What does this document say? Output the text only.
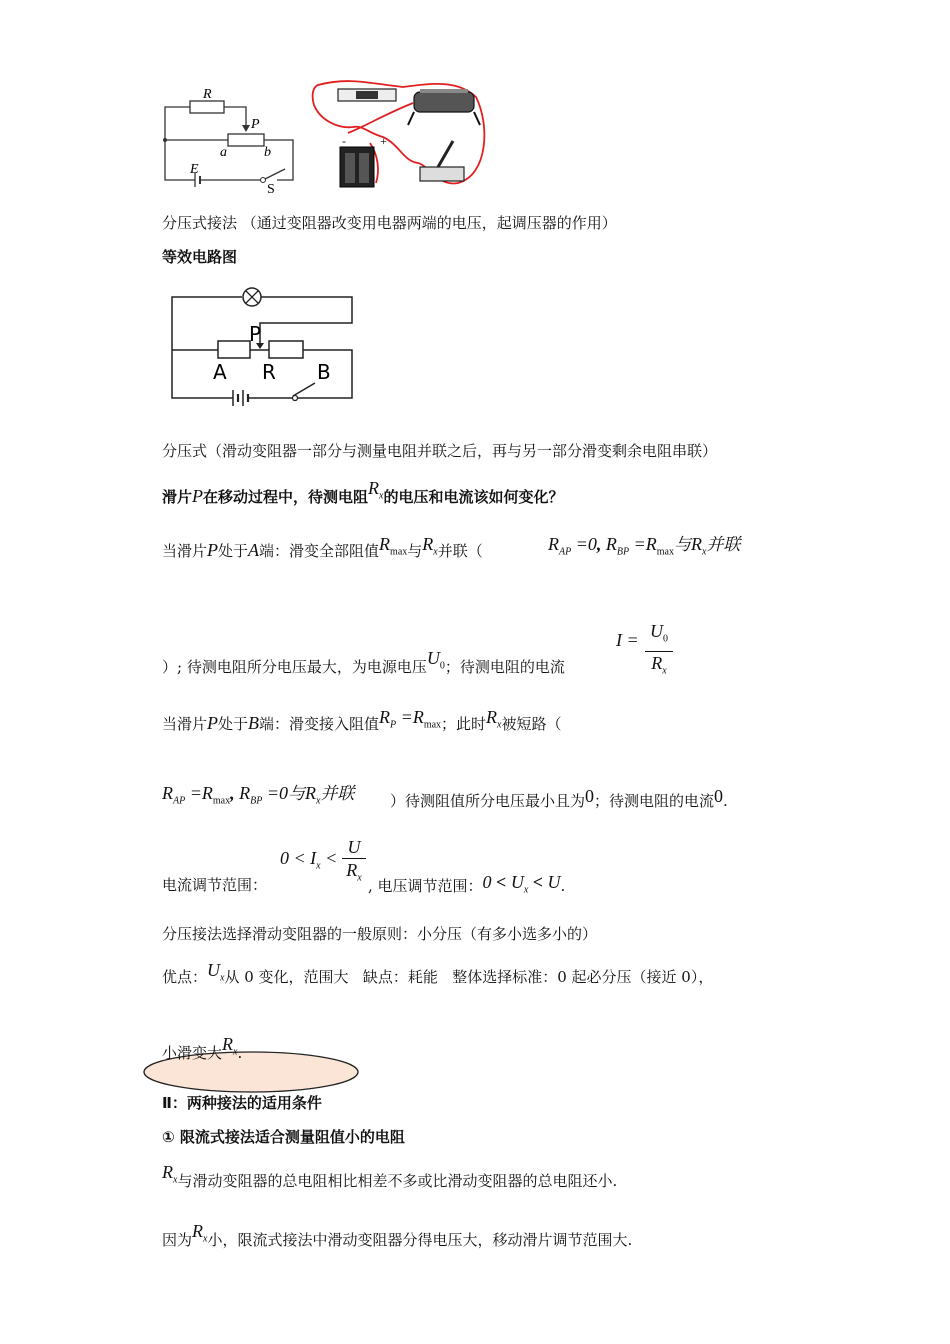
R
P
a	b
E
S
-	+
分压式接法 （通过变阻器改变用电器两端的电压，起调压器的作用）
等效电路图
P
A R B
分压式（滑动变阻器一部分与测量电阻并联之后，再与另一部分滑变剩余电阻串联）
滑片P在移动过程中，待测电阻$R_x$的电压和电流该如何变化？
当滑片P处于A端：滑变全部阻值$R_{max}$与$R_x$并联（	$R_{AP} =0$, $R_{BP} =R_{max}$与$R_x$并联
）; 待测电阻所分电压最大，为电源电压$U_0$；待测电阻的电流
$I = U_0$
$R_x$
当滑片P处于B端：滑变接入阻值$R_P =R_{max}$；此时$R_x$被短路（
$R_{AP} =R_{max}$, $R_{BP} =0$与$R_x$并联 ）待测阻值所分电压最小且为0；待测电阻的电流0.
$0 < I_x$ <
U
$R_x$
电流调节范围：	, 电压调节范围：$0 < U_x < U$.
分压接法选择滑动变阻器的一般原则：小分压（有多小选多小的）
优点：$U_x$从 0 变化，范围大 缺点：耗能 整体选择标准：0 起必分压（接近 0），
小滑变大$R_x$.
Ⅱ：两种接法的适用条件
① 限流式接法适合测量阻值小的电阻
$R_x$与滑动变阻器的总电阻相比相差不多或比滑动变阻器的总电阻还小.
因为$R_x$小，限流式接法中滑动变阻器分得电压大，移动滑片调节范围大.
